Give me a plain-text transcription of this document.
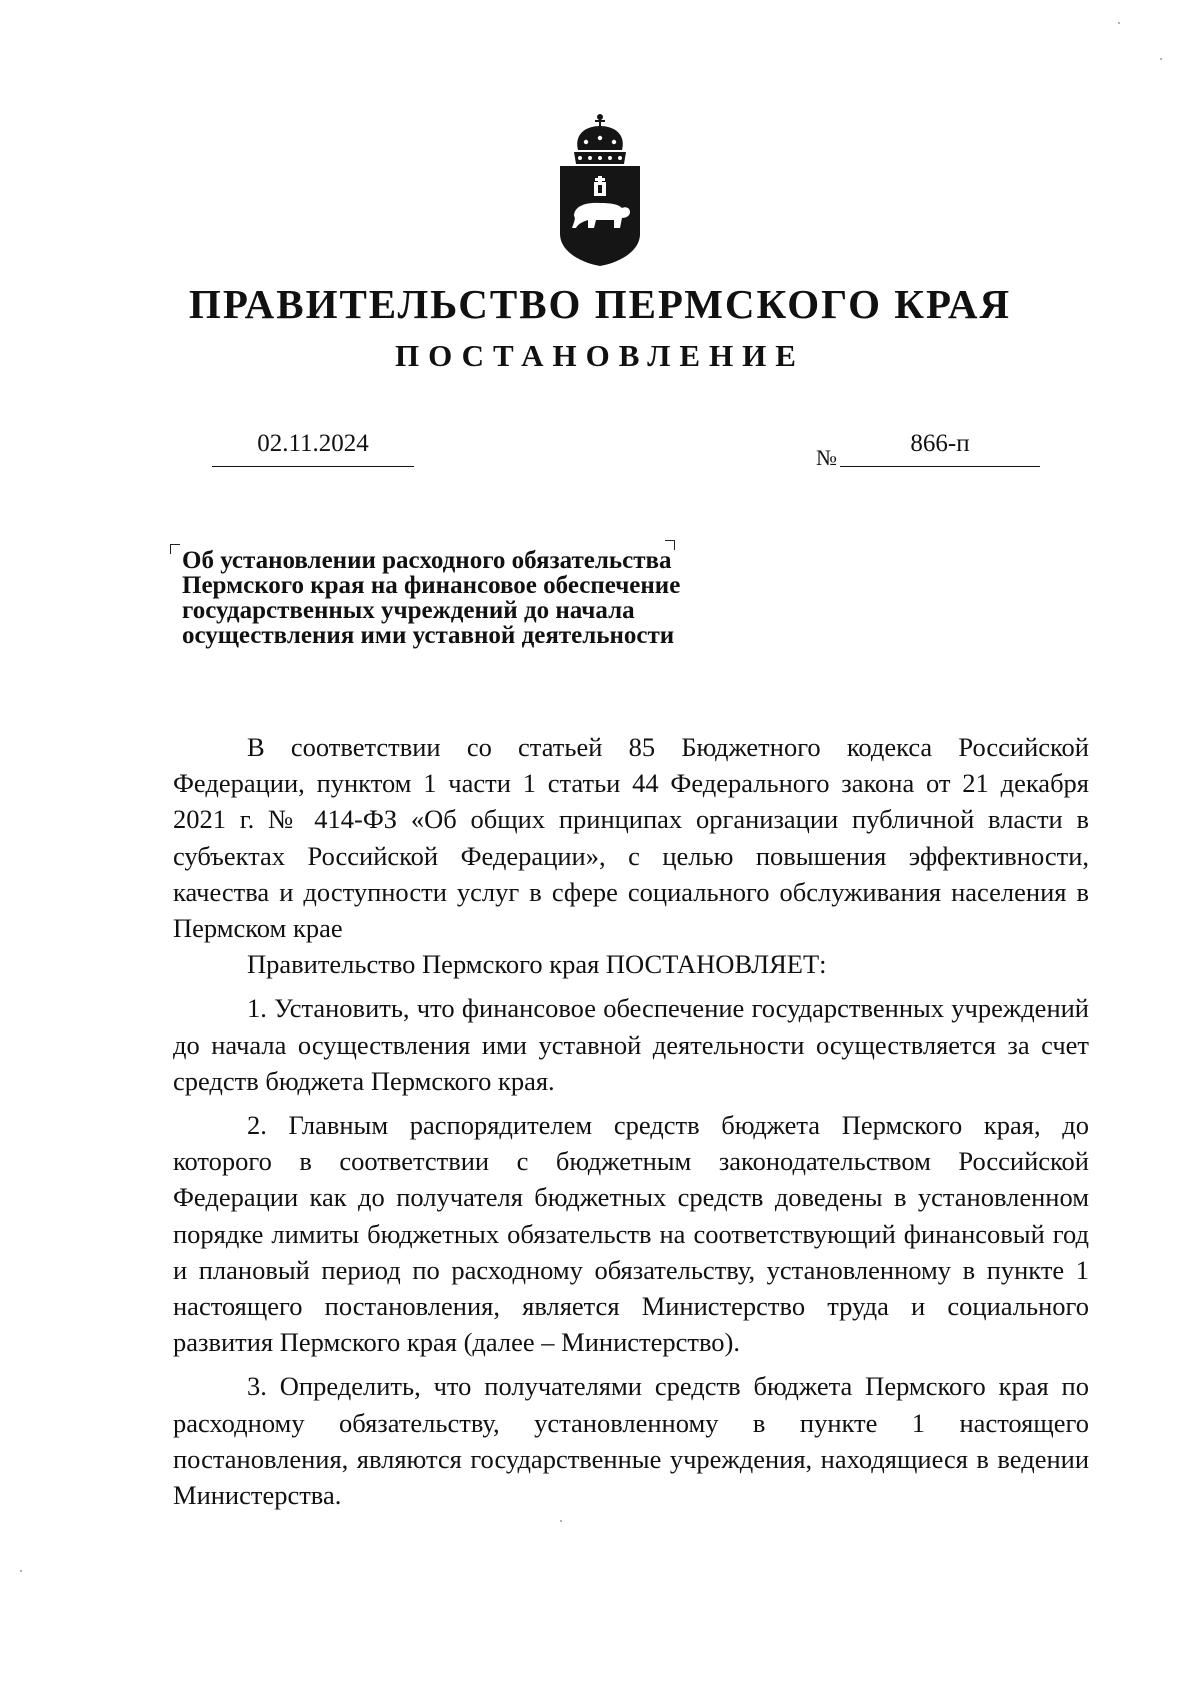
ПРАВИТЕЛЬСТВО ПЕРМСКОГО КРАЯ
ПОСТАНОВЛЕНИЕ
02.11.2024
№
866-п
Об установлении расходного обязательства
Пермского края на финансовое обеспечение
государственных учреждений до начала
осуществления ими уставной деятельности

В соответствии со статьей 85 Бюджетного кодекса Российской Федерации, пунктом 1 части 1 статьи 44 Федерального закона от 21 декабря 2021 г. № 414-ФЗ «Об общих принципах организации публичной власти в субъектах Российской Федерации», с целью повышения эффективности, качества и доступности услуг в сфере социального обслуживания населения в Пермском крае

Правительство Пермского края ПОСТАНОВЛЯЕТ:

1. Установить, что финансовое обеспечение государственных учреждений до начала осуществления ими уставной деятельности осуществляется за счет средств бюджета Пермского края.

2. Главным распорядителем средств бюджета Пермского края, до которого в соответствии с бюджетным законодательством Российской Федерации как до получателя бюджетных средств доведены в установленном порядке лимиты бюджетных обязательств на соответствующий финансовый год и плановый период по расходному обязательству, установленному в пункте 1 настоящего постановления, является Министерство труда и социального развития Пермского края (далее – Министерство).

3. Определить, что получателями средств бюджета Пермского края по расходному обязательству, установленному в пункте 1 настоящего постановления, являются государственные учреждения, находящиеся в ведении Министерства.
